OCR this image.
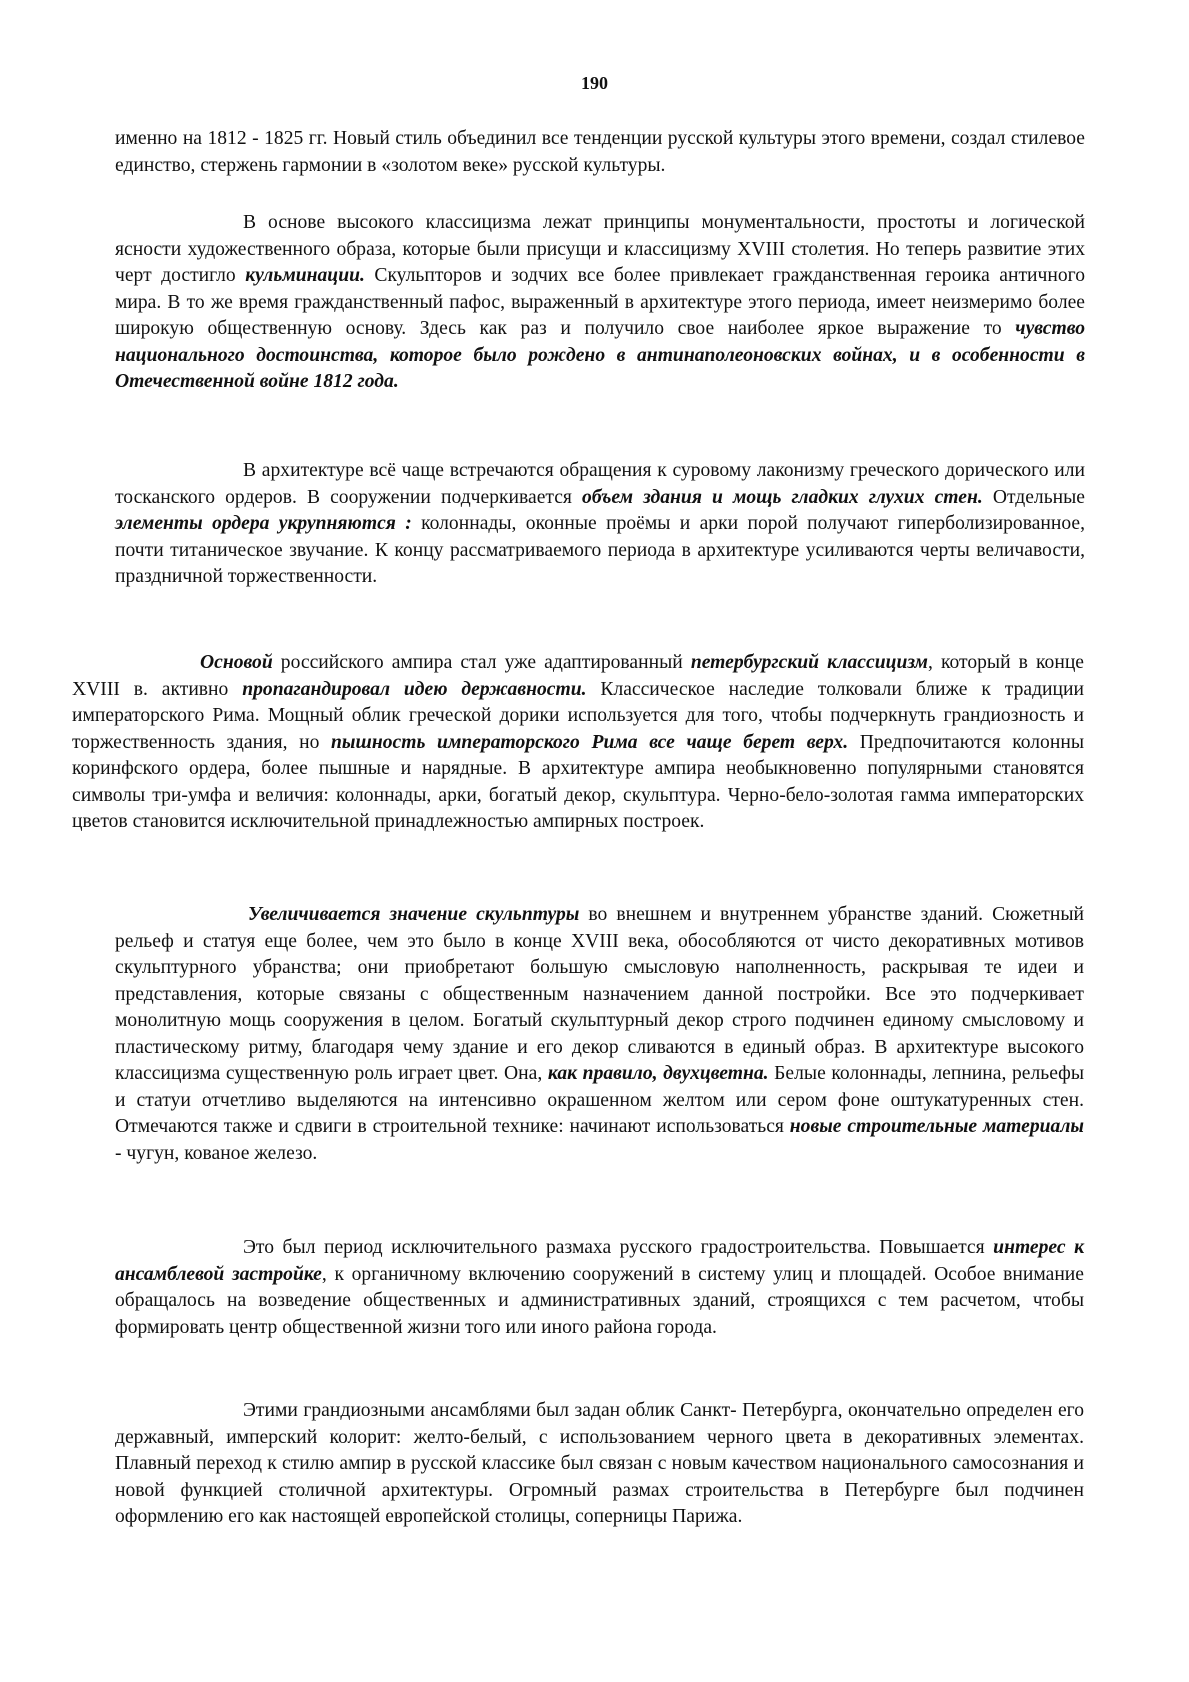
190

именно на 1812 - 1825 гг. Новый стиль объединил все тенденции русской культуры этого времени, создал стилевое единство, стержень гармонии в «золотом веке» русской культуры.

В основе высокого классицизма лежат принципы монументальности, простоты и логической ясности художественного образа, которые были присущи и классицизму XVIII столетия. Но теперь развитие этих черт достигло кульминации. Скульпторов и зодчих все более привлекает гражданственная героика античного мира. В то же время гражданственный пафос, выраженный в архитектуре этого периода, имеет неизмеримо более широкую общественную основу. Здесь как раз и получило свое наиболее яркое выражение то чувство национального достоинства, которое было рождено в антинаполеоновских войнах, и в особенности в Отечественной войне 1812 года.

В архитектуре всё чаще встречаются обращения к суровому лаконизму греческого дорического или тосканского ордеров. В сооружении подчеркивается объем здания и мощь гладких глухих стен. Отдельные элементы ордера укрупняются : колоннады, оконные проёмы и арки порой получают гиперболизированное, почти титаническое звучание. К концу рассматриваемого периода в архитектуре усиливаются черты величавости, праздничной торжественности.

Основой российского ампира стал уже адаптированный петербургский классицизм, который в конце XVIII в. активно пропагандировал идею державности. Классическое наследие толковали ближе к традиции императорского Рима. Мощный облик греческой дорики используется для того, чтобы подчеркнуть грандиозность и торжественность здания, но пышность императорского Рима все чаще берет верх. Предпочитаются колонны коринфского ордера, более пышные и нарядные. В архитектуре ампира необыкновенно популярными становятся символы три-умфа и величия: колоннады, арки, богатый декор, скульптура. Черно-бело-золотая гамма императорских цветов становится исключительной принадлежностью ампирных построек.

Увеличивается значение скульптуры во внешнем и внутреннем убранстве зданий. Сюжетный рельеф и статуя еще более, чем это было в конце XVIII века, обособляются от чисто декоративных мотивов скульптурного убранства; они приобретают большую смысловую наполненность, раскрывая те идеи и представления, которые связаны с общественным назначением данной постройки. Все это подчеркивает монолитную мощь сооружения в целом. Богатый скульптурный декор строго подчинен единому смысловому и пластическому ритму, благодаря чему здание и его декор сливаются в единый образ. В архитектуре высокого классицизма существенную роль играет цвет. Она, как правило, двухцветна. Белые колоннады, лепнина, рельефы и статуи отчетливо выделяются на интенсивно окрашенном желтом или сером фоне оштукатуренных стен. Отмечаются также и сдвиги в строительной технике: начинают использоваться новые строительные материалы - чугун, кованое железо.

Это был период исключительного размаха русского градостроительства. Повышается интерес к ансамблевой застройке, к органичному включению сооружений в систему улиц и площадей. Особое внимание обращалось на возведение общественных и административных зданий, строящихся с тем расчетом, чтобы формировать центр общественной жизни того или иного района города.

Этими грандиозными ансамблями был задан облик Санкт- Петербурга, окончательно определен его державный, имперский колорит: желто-белый, с использованием черного цвета в декоративных элементах. Плавный переход к стилю ампир в русской классике был связан с новым качеством национального самосознания и новой функцией столичной архитектуры. Огромный размах строительства в Петербурге был подчинен оформлению его как настоящей европейской столицы, соперницы Парижа.
